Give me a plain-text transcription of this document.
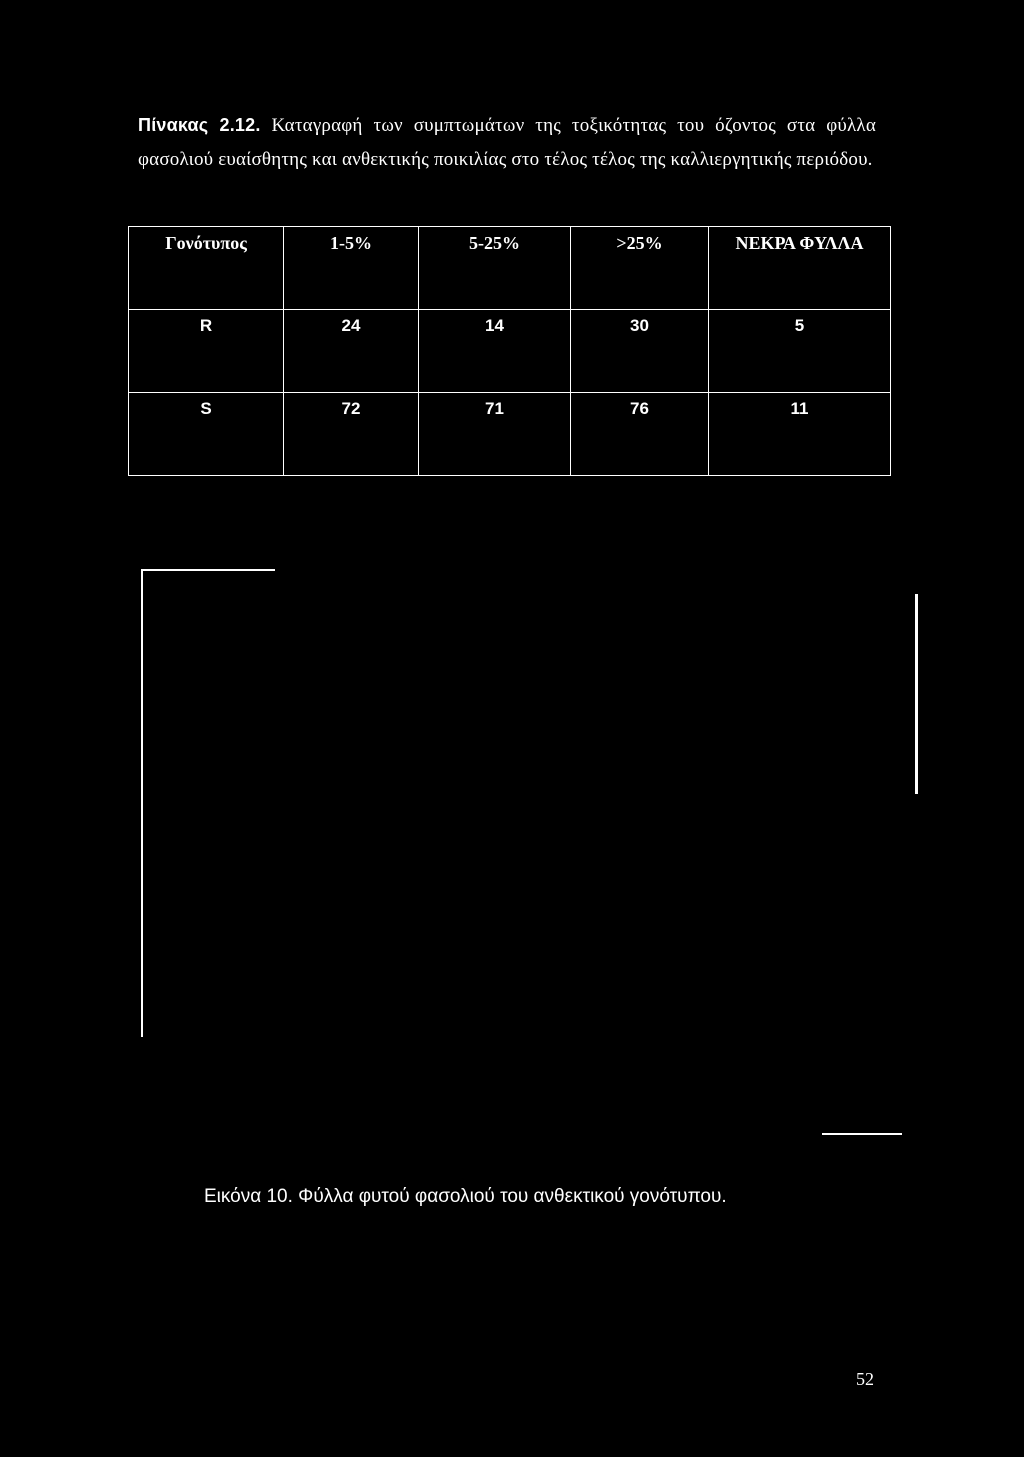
Πίνακας 2.12. Καταγραφή των συμπτωμάτων της τοξικότητας του όζοντος στα φύλλα φασολιού ευαίσθητης και ανθεκτικής ποικιλίας στο τέλος τέλος της καλλιεργητικής περιόδου.
Γονότυπος	1-5%	5-25%	>25%	ΝΕΚΡΑ ΦΥΛΛΑ
R	24	14	30	5
S	72	71	76	11
Εικόνα 10. Φύλλα φυτού φασολιού του ανθεκτικού γονότυπου.
52
